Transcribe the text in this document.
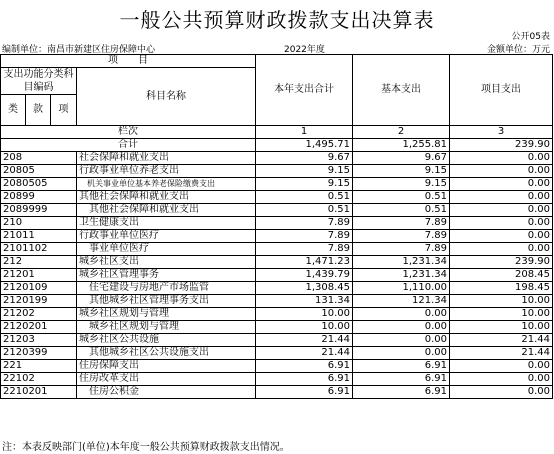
一般公共预算财政拨款支出决算表
公开05表
编制单位：南昌市新建区住房保障中心	2022年度	金额单位：万元
项　　目				本年支出合计	基本支出	项目支出
支出功能分类科目编码			科目名称			

类	款	项				
栏次				1	2	3
合计				1,495.71	1,255.81	239.90
208			社会保障和就业支出	9.67	9.67	0.00
20805			行政事业单位养老支出	9.15	9.15	0.00
2080505			机关事业单位基本养老保险缴费支出	9.15	9.15	0.00
20899			其他社会保障和就业支出	0.51	0.51	0.00
2089999			其他社会保障和就业支出	0.51	0.51	0.00
210			卫生健康支出	7.89	7.89	0.00
21011			行政事业单位医疗	7.89	7.89	0.00
2101102			事业单位医疗	7.89	7.89	0.00
212			城乡社区支出	1,471.23	1,231.34	239.90
21201			城乡社区管理事务	1,439.79	1,231.34	208.45
2120109			住宅建设与房地产市场监管	1,308.45	1,110.00	198.45
2120199			其他城乡社区管理事务支出	131.34	121.34	10.00
21202			城乡社区规划与管理	10.00	0.00	10.00
2120201			城乡社区规划与管理	10.00	0.00	10.00
21203			城乡社区公共设施	21.44	0.00	21.44
2120399			其他城乡社区公共设施支出	21.44	0.00	21.44
221			住房保障支出	6.91	6.91	0.00
22102			住房改革支出	6.91	6.91	0.00
2210201			住房公积金	6.91	6.91	0.00
注：本表反映部门(单位)本年度一般公共预算财政拨款支出情况。
